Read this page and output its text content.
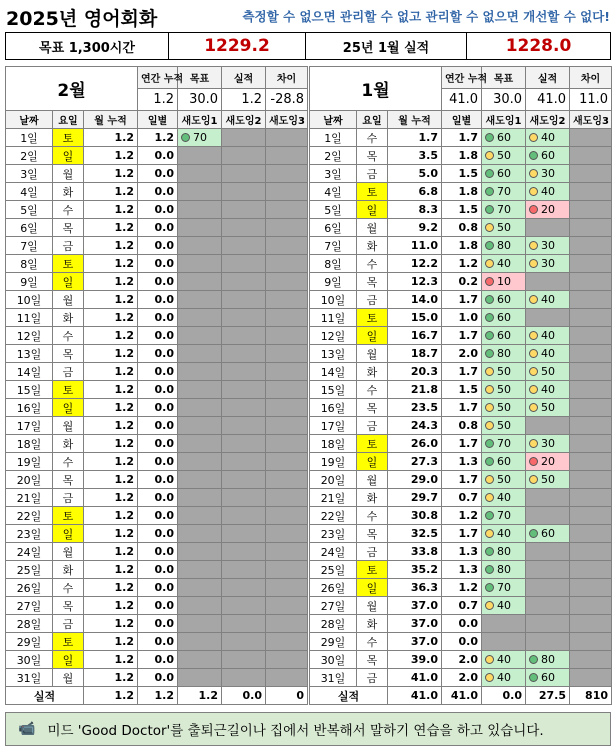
2025년 영어회화	측정할 수 없으면 관리할 수 없고 관리할 수 없으면 개선할 수 없다!
목표 1,300시간	1229.2	25년 1월 실적	1228.0
2월			연간 누적	목표	실적	차이
			1.2	30.0	1.2	-28.8
날짜	요일	월 누적	일별	새도잉1	새도잉2	새도잉3
1일	토	1.2	1.2	70		
2일	일	1.2	0.0			
3일	월	1.2	0.0			
4일	화	1.2	0.0			
5일	수	1.2	0.0			
6일	목	1.2	0.0			
7일	금	1.2	0.0			
8일	토	1.2	0.0			
9일	일	1.2	0.0			
10일	월	1.2	0.0			
11일	화	1.2	0.0			
12일	수	1.2	0.0			
13일	목	1.2	0.0			
14일	금	1.2	0.0			
15일	토	1.2	0.0			
16일	일	1.2	0.0			
17일	월	1.2	0.0			
18일	화	1.2	0.0			
19일	수	1.2	0.0			
20일	목	1.2	0.0			
21일	금	1.2	0.0			
22일	토	1.2	0.0			
23일	일	1.2	0.0			
24일	월	1.2	0.0			
25일	화	1.2	0.0			
26일	수	1.2	0.0			
27일	목	1.2	0.0			
28일	금	1.2	0.0			
29일	토	1.2	0.0			
30일	일	1.2	0.0			
31일	월	1.2	0.0			
실적		1.2	1.2	1.2	0.0	0
1월			연간 누적	목표	실적	차이
			41.0	30.0	41.0	11.0
날짜	요일	월 누적	일별	새도잉1	새도잉2	새도잉3
1일	수	1.7	1.7	60	40	
2일	목	3.5	1.8	50	60	
3일	금	5.0	1.5	60	30	
4일	토	6.8	1.8	70	40	
5일	일	8.3	1.5	70	20	
6일	월	9.2	0.8	50		
7일	화	11.0	1.8	80	30	
8일	수	12.2	1.2	40	30	
9일	목	12.3	0.2	10		
10일	금	14.0	1.7	60	40	
11일	토	15.0	1.0	60		
12일	일	16.7	1.7	60	40	
13일	월	18.7	2.0	80	40	
14일	화	20.3	1.7	50	50	
15일	수	21.8	1.5	50	40	
16일	목	23.5	1.7	50	50	
17일	금	24.3	0.8	50		
18일	토	26.0	1.7	70	30	
19일	일	27.3	1.3	60	20	
20일	월	29.0	1.7	50	50	
21일	화	29.7	0.7	40		
22일	수	30.8	1.2	70		
23일	목	32.5	1.7	40	60	
24일	금	33.8	1.3	80		
25일	토	35.2	1.3	80		
26일	일	36.3	1.2	70		
27일	월	37.0	0.7	40		
28일	화	37.0	0.0			
29일	수	37.0	0.0			
30일	목	39.0	2.0	40	80	
31일	금	41.0	2.0	40	60	
실적		41.0	41.0	0.0	27.5	810
📹 미드 'Good Doctor'를 출퇴근길이나 집에서 반복해서 말하기 연습을 하고 있습니다.
